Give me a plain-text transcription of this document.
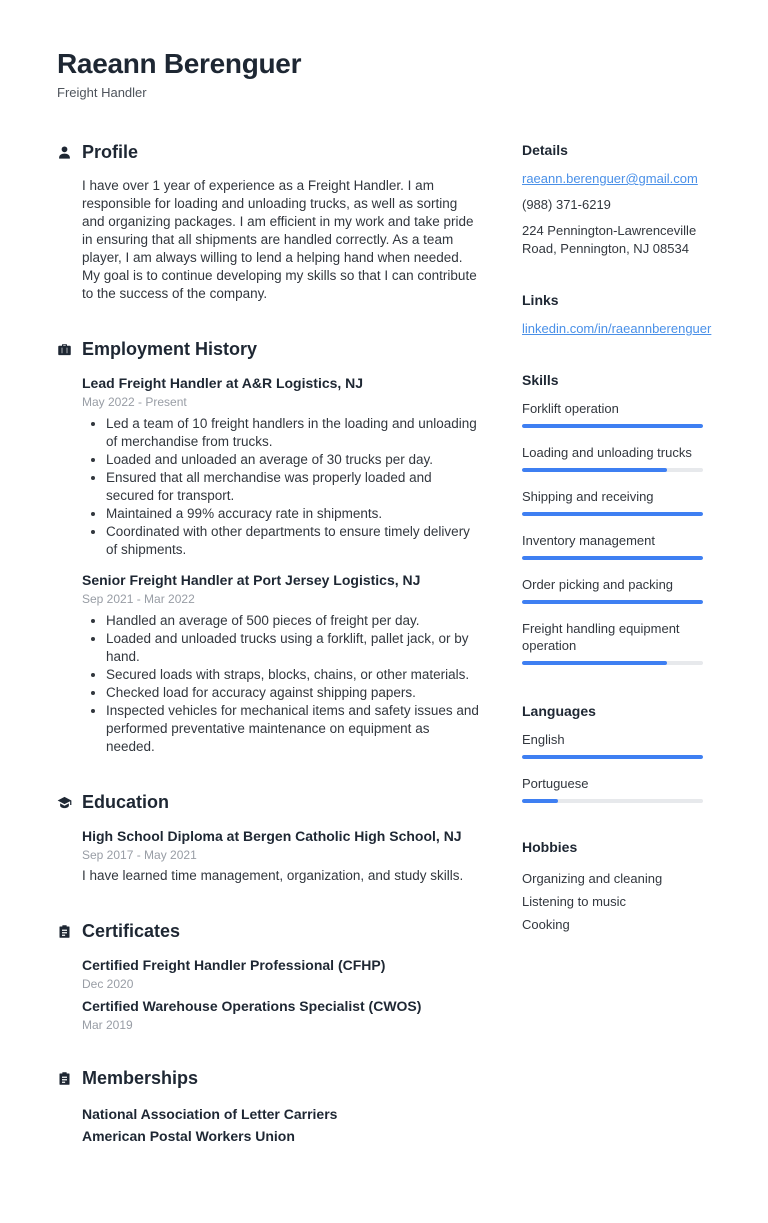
Raeann Berenguer
Freight Handler
Profile

I have over 1 year of experience as a Freight Handler. I am responsible for loading and unloading trucks, as well as sorting and organizing packages. I am efficient in my work and take pride in ensuring that all shipments are handled correctly. As a team player, I am always willing to lend a helping hand when needed. My goal is to continue developing my skills so that I can contribute to the success of the company.

Employment History
Lead Freight Handler at A&R Logistics, NJ
May 2022 - Present
• Led a team of 10 freight handlers in the loading and unloading of merchandise from trucks.
• Loaded and unloaded an average of 30 trucks per day.
• Ensured that all merchandise was properly loaded and secured for transport.
• Maintained a 99% accuracy rate in shipments.
• Coordinated with other departments to ensure timely delivery of shipments.
Senior Freight Handler at Port Jersey Logistics, NJ
Sep 2021 - Mar 2022
• Handled an average of 500 pieces of freight per day.
• Loaded and unloaded trucks using a forklift, pallet jack, or by hand.
• Secured loads with straps, blocks, chains, or other materials.
• Checked load for accuracy against shipping papers.
• Inspected vehicles for mechanical items and safety issues and performed preventative maintenance on equipment as needed.
Education
High School Diploma at Bergen Catholic High School, NJ
Sep 2017 - May 2021
I have learned time management, organization, and study skills.
Certificates
Certified Freight Handler Professional (CFHP)
Dec 2020
Certified Warehouse Operations Specialist (CWOS)
Mar 2019
Memberships
National Association of Letter Carriers
American Postal Workers Union
Details
raeann.berenguer@gmail.com
(988) 371-6219
224 Pennington-Lawrenceville Road, Pennington, NJ 08534
Links
linkedin.com/in/raeannberenguer
Skills
Forklift operation
Loading and unloading trucks
Shipping and receiving
Inventory management
Order picking and packing
Freight handling equipment operation
Languages
English
Portuguese
Hobbies
Organizing and cleaning
Listening to music
Cooking
